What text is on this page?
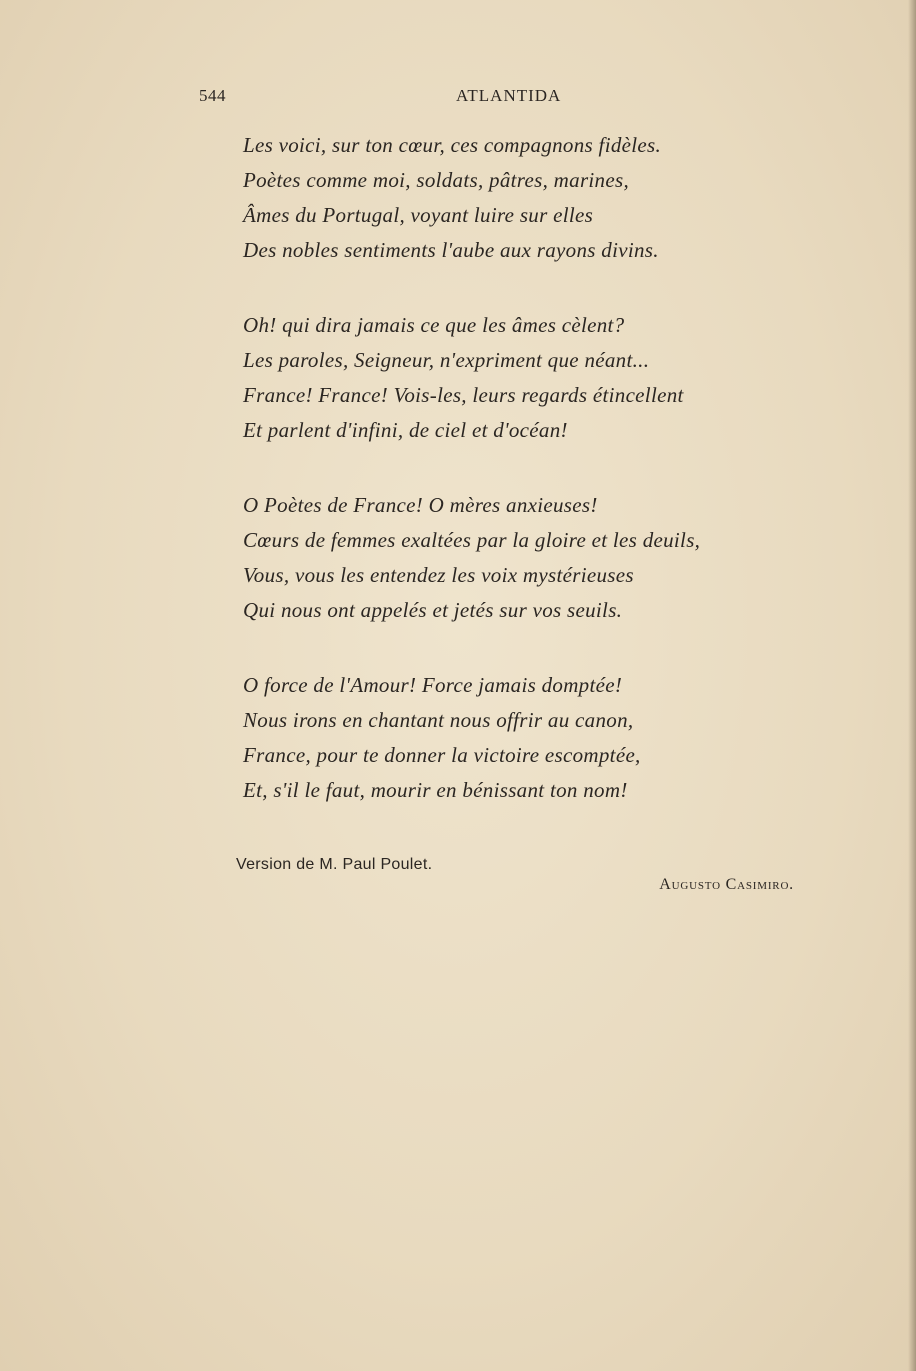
544	ATLANTIDA
Les voici, sur ton cœur, ces compagnons fidèles.
Poètes comme moi, soldats, pâtres, marines,
Âmes du Portugal, voyant luire sur elles
Des nobles sentiments l'aube aux rayons divins.
Oh! qui dira jamais ce que les âmes cèlent?
Les paroles, Seigneur, n'expriment que néant...
France! France! Vois-les, leurs regards étincellent
Et parlent d'infini, de ciel et d'océan!
O Poètes de France! O mères anxieuses!
Cœurs de femmes exaltées par la gloire et les deuils,
Vous, vous les entendez les voix mystérieuses
Qui nous ont appelés et jetés sur vos seuils.
O force de l'Amour! Force jamais domptée!
Nous irons en chantant nous offrir au canon,
France, pour te donner la victoire escomptée,
Et, s'il le faut, mourir en bénissant ton nom!
Version de M. Paul Poulet.
Augusto Casimiro.
